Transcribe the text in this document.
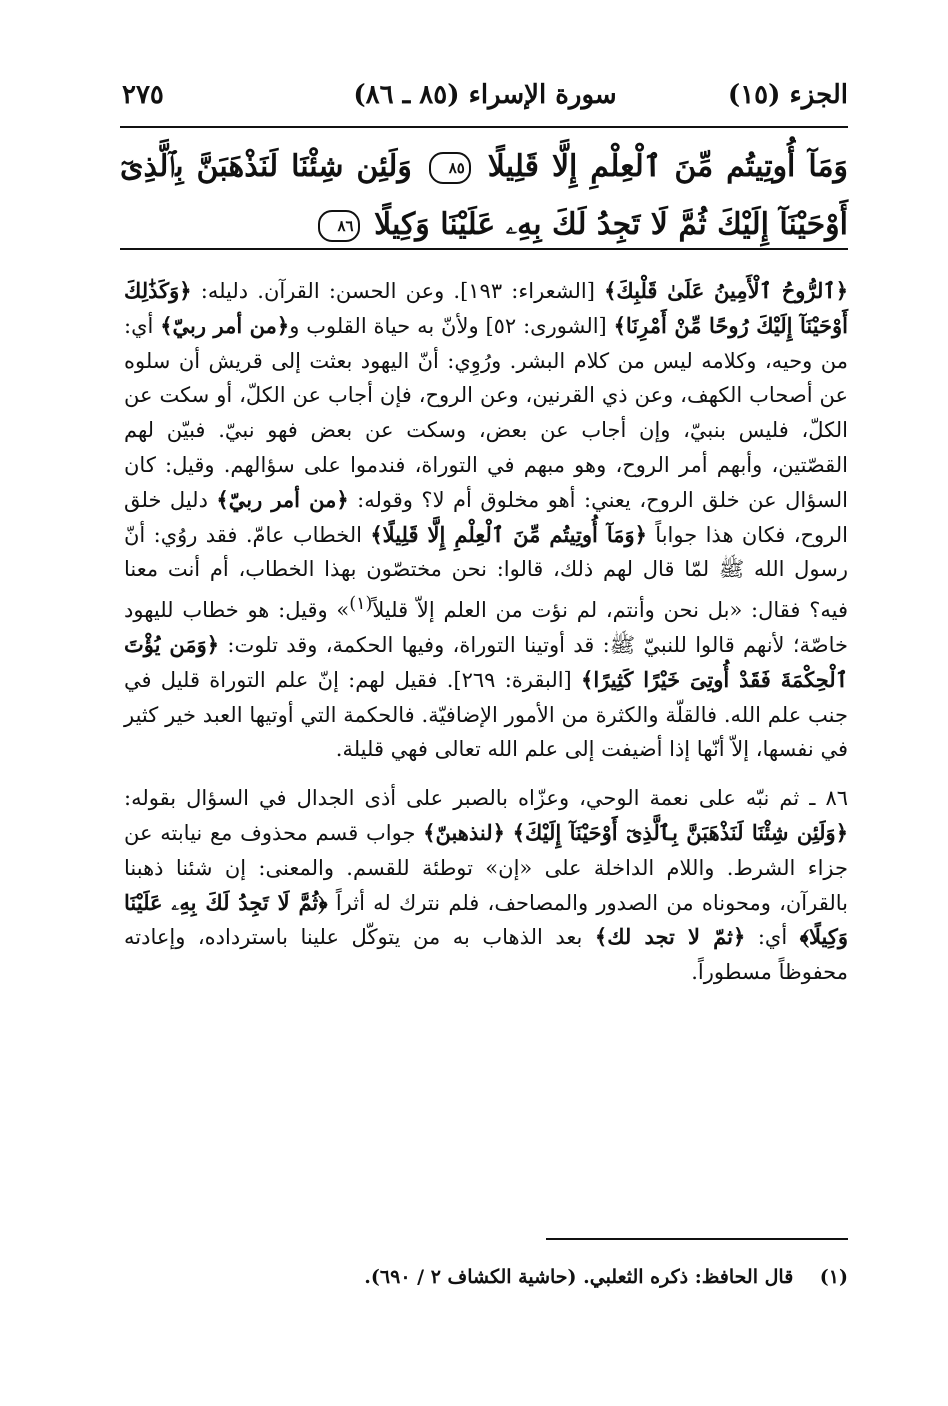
الجزء (١٥)
سورة الإسراء (٨٥ ـ ٨٦)
٢٧٥
وَمَآ أُوتِيتُم مِّنَ ٱلْعِلْمِ إِلَّا قَلِيلًا ٨٥ وَلَئِن شِئْنَا لَنَذْهَبَنَّ بِٱلَّذِىٓ أَوْحَيْنَآ إِلَيْكَ ثُمَّ لَا تَجِدُ لَكَ بِهِۦ عَلَيْنَا وَكِيلًا ٨٦

﴿ٱلرُّوحُ ٱلْأَمِينُ عَلَىٰ قَلْبِكَ﴾ [الشعراء: ١٩٣]. وعن الحسن: القرآن. دليله: ﴿وَكَذَٰلِكَ أَوْحَيْنَآ إِلَيْكَ رُوحًا مِّنْ أَمْرِنَا﴾ [الشورى: ٥٢] ولأنّ به حياة القلوب و﴿من أمر ربيّ﴾ أي: من وحيه، وكلامه ليس من كلام البشر. ورُوِي: أنّ اليهود بعثت إلى قريش أن سلوه عن أصحاب الكهف، وعن ذي القرنين، وعن الروح، فإن أجاب عن الكلّ، أو سكت عن الكلّ، فليس بنبيّ، وإن أجاب عن بعض، وسكت عن بعض فهو نبيّ. فبيّن لهم القصّتين، وأبهم أمر الروح، وهو مبهم في التوراة، فندموا على سؤالهم. وقيل: كان السؤال عن خلق الروح، يعني: أهو مخلوق أم لا؟ وقوله: ﴿من أمر ربيّ﴾ دليل خلق الروح، فكان هذا جواباً ﴿وَمَآ أُوتِيتُم مِّنَ ٱلْعِلْمِ إِلَّا قَلِيلًا﴾ الخطاب عامّ. فقد روُي: أنّ رسول الله ﷺ لمّا قال لهم ذلك، قالوا: نحن مختصّون بهذا الخطاب، أم أنت معنا فيه؟ فقال: «بل نحن وأنتم، لم نؤت من العلم إلاّ قليلاً$^{(١)}$» وقيل: هو خطاب لليهود خاصّة؛ لأنهم قالوا للنبيّ ﷺ: قد أوتينا التوراة، وفيها الحكمة، وقد تلوت: ﴿وَمَن يُؤْتَ ٱلْحِكْمَةَ فَقَدْ أُوتِىَ خَيْرًا كَثِيرًا﴾ [البقرة: ٢٦٩]. فقيل لهم: إنّ علم التوراة قليل في جنب علم الله. فالقلّة والكثرة من الأمور الإضافيّة. فالحكمة التي أوتيها العبد خير كثير في نفسها، إلاّ أنّها إذا أضيفت إلى علم الله تعالى فهي قليلة.

٨٦ ـ ثم نبّه على نعمة الوحي، وعزّاه بالصبر على أذى الجدال في السؤال بقوله: ﴿وَلَئِن شِئْنَا لَنَذْهَبَنَّ بِٱلَّذِىٓ أَوْحَيْنَآ إِلَيْكَ﴾ ﴿لنذهبنّ﴾ جواب قسم محذوف مع نيابته عن جزاء الشرط. واللام الداخلة على «إن» توطئة للقسم. والمعنى: إن شئنا ذهبنا بالقرآن، ومحوناه من الصدور والمصاحف، فلم نترك له أثراً ﴿ثُمَّ لَا تَجِدُ لَكَ بِهِۦ عَلَيْنَا وَكِيلًا﴾ أي: ﴿ثمّ لا تجد لك﴾ بعد الذهاب به من يتوكّل علينا باسترداده، وإعادته محفوظاً مسطوراً.

(١)    قال الحافظ: ذكره الثعلبي. (حاشية الكشاف ٢ / ٦٩٠).
